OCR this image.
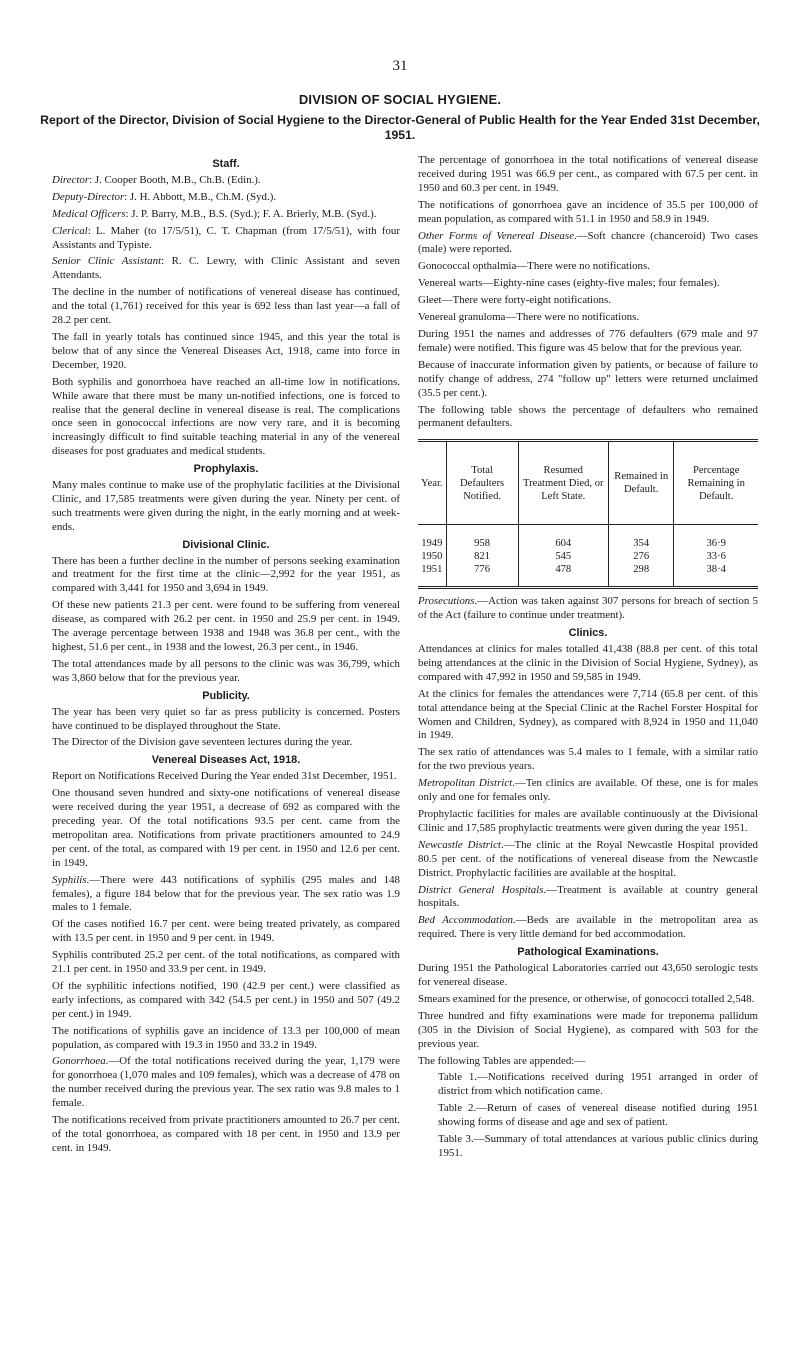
31
DIVISION OF SOCIAL HYGIENE.
Report of the Director, Division of Social Hygiene to the Director-General of Public Health for the Year Ended 31st December, 1951.
Staff.

Director: J. Cooper Booth, M.B., Ch.B. (Edin.).

Deputy-Director: J. H. Abbott, M.B., Ch.M. (Syd.).

Medical Officers: J. P. Barry, M.B., B.S. (Syd.); F. A. Brierly, M.B. (Syd.).

Clerical: L. Maher (to 17/5/51), C. T. Chapman (from 17/5/51), with four Assistants and Typiste.

Senior Clinic Assistant: R. C. Lewry, with Clinic Assistant and seven Attendants.

The decline in the number of notifications of venereal disease has continued, and the total (1,761) received for this year is 692 less than last year—a fall of 28.2 per cent.

The fall in yearly totals has continued since 1945, and this year the total is below that of any since the Venereal Diseases Act, 1918, came into force in December, 1920.

Both syphilis and gonorrhoea have reached an all-time low in notifications. While aware that there must be many un-notified infections, one is forced to realise that the general decline in venereal disease is real. The complications once seen in gonococcal infections are now very rare, and it is becoming increasingly difficult to find suitable teaching material in any of the venereal diseases for post graduates and medical students.

Prophylaxis.

Many males continue to make use of the prophylatic facilities at the Divisional Clinic, and 17,585 treatments were given during the year. Ninety per cent. of such treatments were given during the night, in the early morning and at week-ends.

Divisional Clinic.

There has been a further decline in the number of persons seeking examination and treatment for the first time at the clinic—2,992 for the year 1951, as compared with 3,441 for 1950 and 3,694 in 1949.

Of these new patients 21.3 per cent. were found to be suffering from venereal disease, as compared with 26.2 per cent. in 1950 and 25.9 per cent. in 1949. The average percentage between 1938 and 1948 was 36.8 per cent., with the highest, 51.6 per cent., in 1938 and the lowest, 26.3 per cent., in 1946.

The total attendances made by all persons to the clinic was was 36,799, which was 3,860 below that for the previous year.

Publicity.

The year has been very quiet so far as press publicity is concerned. Posters have continued to be displayed throughout the State.

The Director of the Division gave seventeen lectures during the year.

Venereal Diseases Act, 1918.

Report on Notifications Received During the Year ended 31st December, 1951.

One thousand seven hundred and sixty-one notifications of venereal disease were received during the year 1951, a decrease of 692 as compared with the preceding year. Of the total notifications 93.5 per cent. came from the metropolitan area. Notifications from private practitioners amounted to 24.9 per cent. of the total, as compared with 19 per cent. in 1950 and 12.6 per cent. in 1949.

Syphilis.—There were 443 notifications of syphilis (295 males and 148 females), a figure 184 below that for the previous year. The sex ratio was 1.9 males to 1 female.

Of the cases notified 16.7 per cent. were being treated privately, as compared with 13.5 per cent. in 1950 and 9 per cent. in 1949.

Syphilis contributed 25.2 per cent. of the total notifications, as compared with 21.1 per cent. in 1950 and 33.9 per cent. in 1949.

Of the syphilitic infections notified, 190 (42.9 per cent.) were classified as early infections, as compared with 342 (54.5 per cent.) in 1950 and 507 (49.2 per cent.) in 1949.

The notifications of syphilis gave an incidence of 13.3 per 100,000 of mean population, as compared with 19.3 in 1950 and 33.2 in 1949.

Gonorrhoea.—Of the total notifications received during the year, 1,179 were for gonorrhoea (1,070 males and 109 females), which was a decrease of 478 on the number received during the previous year. The sex ratio was 9.8 males to 1 female.

The notifications received from private practitioners amounted to 26.7 per cent. of the total gonorrhoea, as compared with 18 per cent. in 1950 and 13.9 per cent. in 1949.

The percentage of gonorrhoea in the total notifications of venereal disease received during 1951 was 66.9 per cent., as compared with 67.5 per cent. in 1950 and 60.3 per cent. in 1949.

The notifications of gonorrhoea gave an incidence of 35.5 per 100,000 of mean population, as compared with 51.1 in 1950 and 58.9 in 1949.

Other Forms of Venereal Disease.—Soft chancre (chanceroid) Two cases (male) were reported.

Gonococcal opthalmia—There were no notifications.

Venereal warts—Eighty-nine cases (eighty-five males; four females).

Gleet—There were forty-eight notifications.

Venereal granuloma—There were no notifications.

During 1951 the names and addresses of 776 defaulters (679 male and 97 female) were notified. This figure was 45 below that for the previous year.

Because of inaccurate information given by patients, or because of failure to notify change of address, 274 "follow up" letters were returned unclaimed (35.5 per cent.).

The following table shows the percentage of defaulters who remained permanent defaulters.

Year.	Total Defaulters Notified.	Resumed Treatment Died, or Left State.	Remained in Default.	Percentage Remaining in Default.
1949	958	604	354	36·9
1950	821	545	276	33·6
1951	776	478	298	38·4

Prosecutions.—Action was taken against 307 persons for breach of section 5 of the Act (failure to continue under treatment).

Clinics.

Attendances at clinics for males totalled 41,438 (88.8 per cent. of this total being attendances at the clinic in the Division of Social Hygiene, Sydney), as compared with 47,992 in 1950 and 59,585 in 1949.

At the clinics for females the attendances were 7,714 (65.8 per cent. of this total attendance being at the Special Clinic at the Rachel Forster Hospital for Women and Children, Sydney), as compared with 8,924 in 1950 and 11,040 in 1949.

The sex ratio of attendances was 5.4 males to 1 female, with a similar ratio for the two previous years.

Metropolitan District.—Ten clinics are available. Of these, one is for males only and one for females only.

Prophylactic facilities for males are available continuously at the Divisional Clinic and 17,585 prophylactic treatments were given during the year 1951.

Newcastle District.—The clinic at the Royal Newcastle Hospital provided 80.5 per cent. of the notifications of venereal disease from the Newcastle District. Prophylactic facilities are available at the hospital.

District General Hospitals.—Treatment is available at country general hospitals.

Bed Accommodation.—Beds are available in the metropolitan area as required. There is very little demand for bed accommodation.

Pathological Examinations.

During 1951 the Pathological Laboratories carried out 43,650 serologic tests for venereal disease.

Smears examined for the presence, or otherwise, of gonococci totalled 2,548.

Three hundred and fifty examinations were made for treponema pallidum (305 in the Division of Social Hygiene), as compared with 503 for the previous year.

The following Tables are appended:—

Table 1.—Notifications received during 1951 arranged in order of district from which notification came.

Table 2.—Return of cases of venereal disease notified during 1951 showing forms of disease and age and sex of patient.

Table 3.—Summary of total attendances at various public clinics during 1951.
